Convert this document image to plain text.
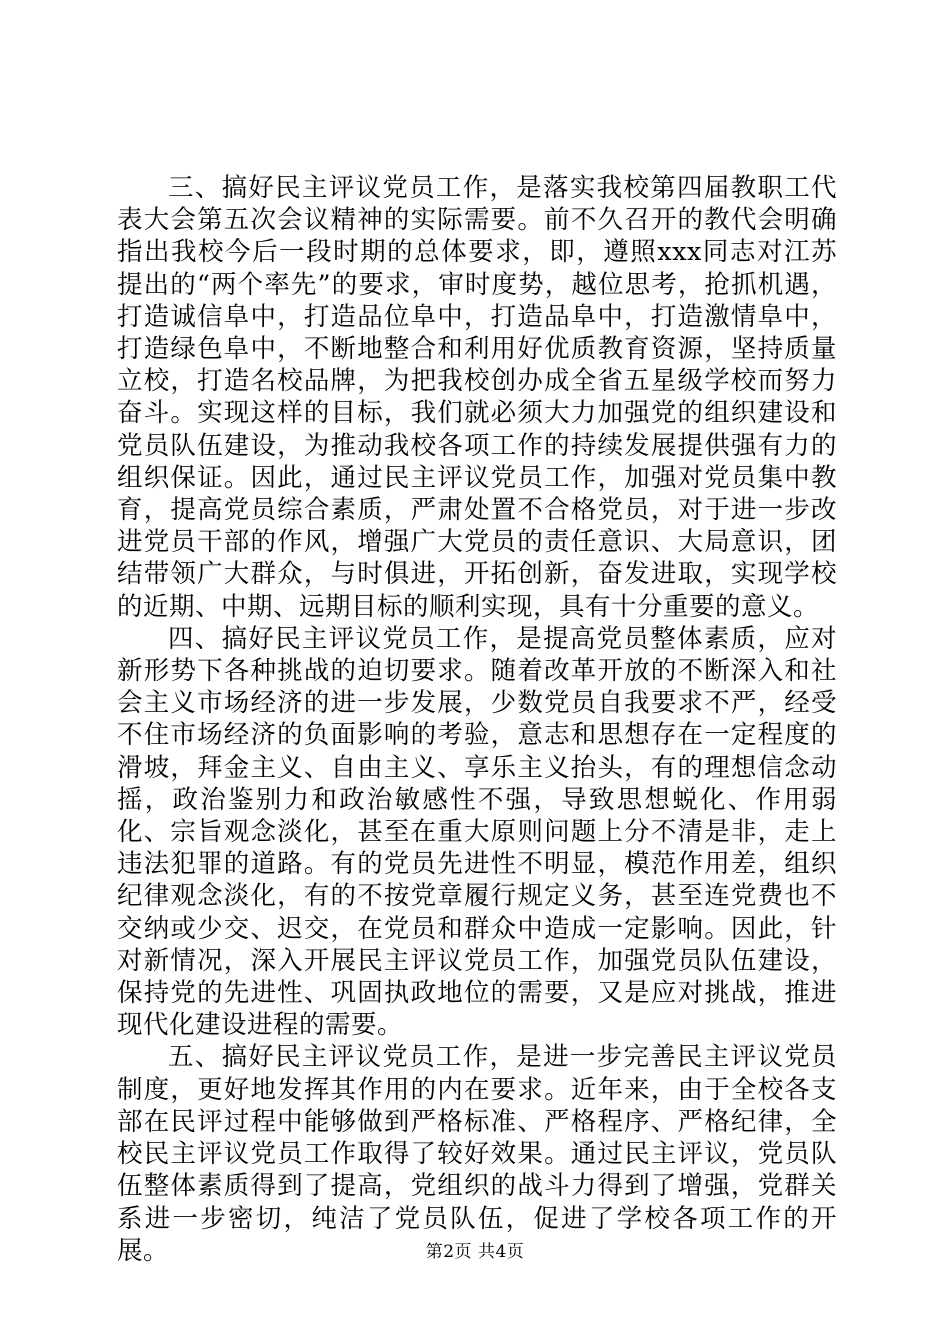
三、搞好民主评议党员工作，是落实我校第四届教职工代表大会第五次会议精神的实际需要。前不久召开的教代会明确指出我校今后一段时期的总体要求，即，遵照xxx同志对江苏提出的“两个率先”的要求，审时度势，越位思考，抢抓机遇，打造诚信阜中，打造品位阜中，打造品阜中，打造激情阜中，打造绿色阜中，不断地整合和利用好优质教育资源，坚持质量立校，打造名校品牌，为把我校创办成全省五星级学校而努力奋斗。实现这样的目标，我们就必须大力加强党的组织建设和党员队伍建设，为推动我校各项工作的持续发展提供强有力的组织保证。因此，通过民主评议党员工作，加强对党员集中教育，提高党员综合素质，严肃处置不合格党员，对于进一步改进党员干部的作风，增强广大党员的责任意识、大局意识，团结带领广大群众，与时俱进，开拓创新，奋发进取，实现学校的近期、中期、远期目标的顺利实现，具有十分重要的意义。

四、搞好民主评议党员工作，是提高党员整体素质，应对新形势下各种挑战的迫切要求。随着改革开放的不断深入和社会主义市场经济的进一步发展，少数党员自我要求不严，经受不住市场经济的负面影响的考验，意志和思想存在一定程度的滑坡，拜金主义、自由主义、享乐主义抬头，有的理想信念动摇，政治鉴别力和政治敏感性不强，导致思想蜕化、作用弱化、宗旨观念淡化，甚至在重大原则问题上分不清是非，走上违法犯罪的道路。有的党员先进性不明显，模范作用差，组织纪律观念淡化，有的不按党章履行规定义务，甚至连党费也不交纳或少交、迟交，在党员和群众中造成一定影响。因此，针对新情况，深入开展民主评议党员工作，加强党员队伍建设，保持党的先进性、巩固执政地位的需要，又是应对挑战，推进现代化建设进程的需要。

五、搞好民主评议党员工作，是进一步完善民主评议党员制度，更好地发挥其作用的内在要求。近年来，由于全校各支部在民评过程中能够做到严格标准、严格程序、严格纪律，全校民主评议党员工作取得了较好效果。通过民主评议，党员队伍整体素质得到了提高，党组织的战斗力得到了增强，党群关系进一步密切，纯洁了党员队伍，促进了学校各项工作的开展。	第2页 共4页
